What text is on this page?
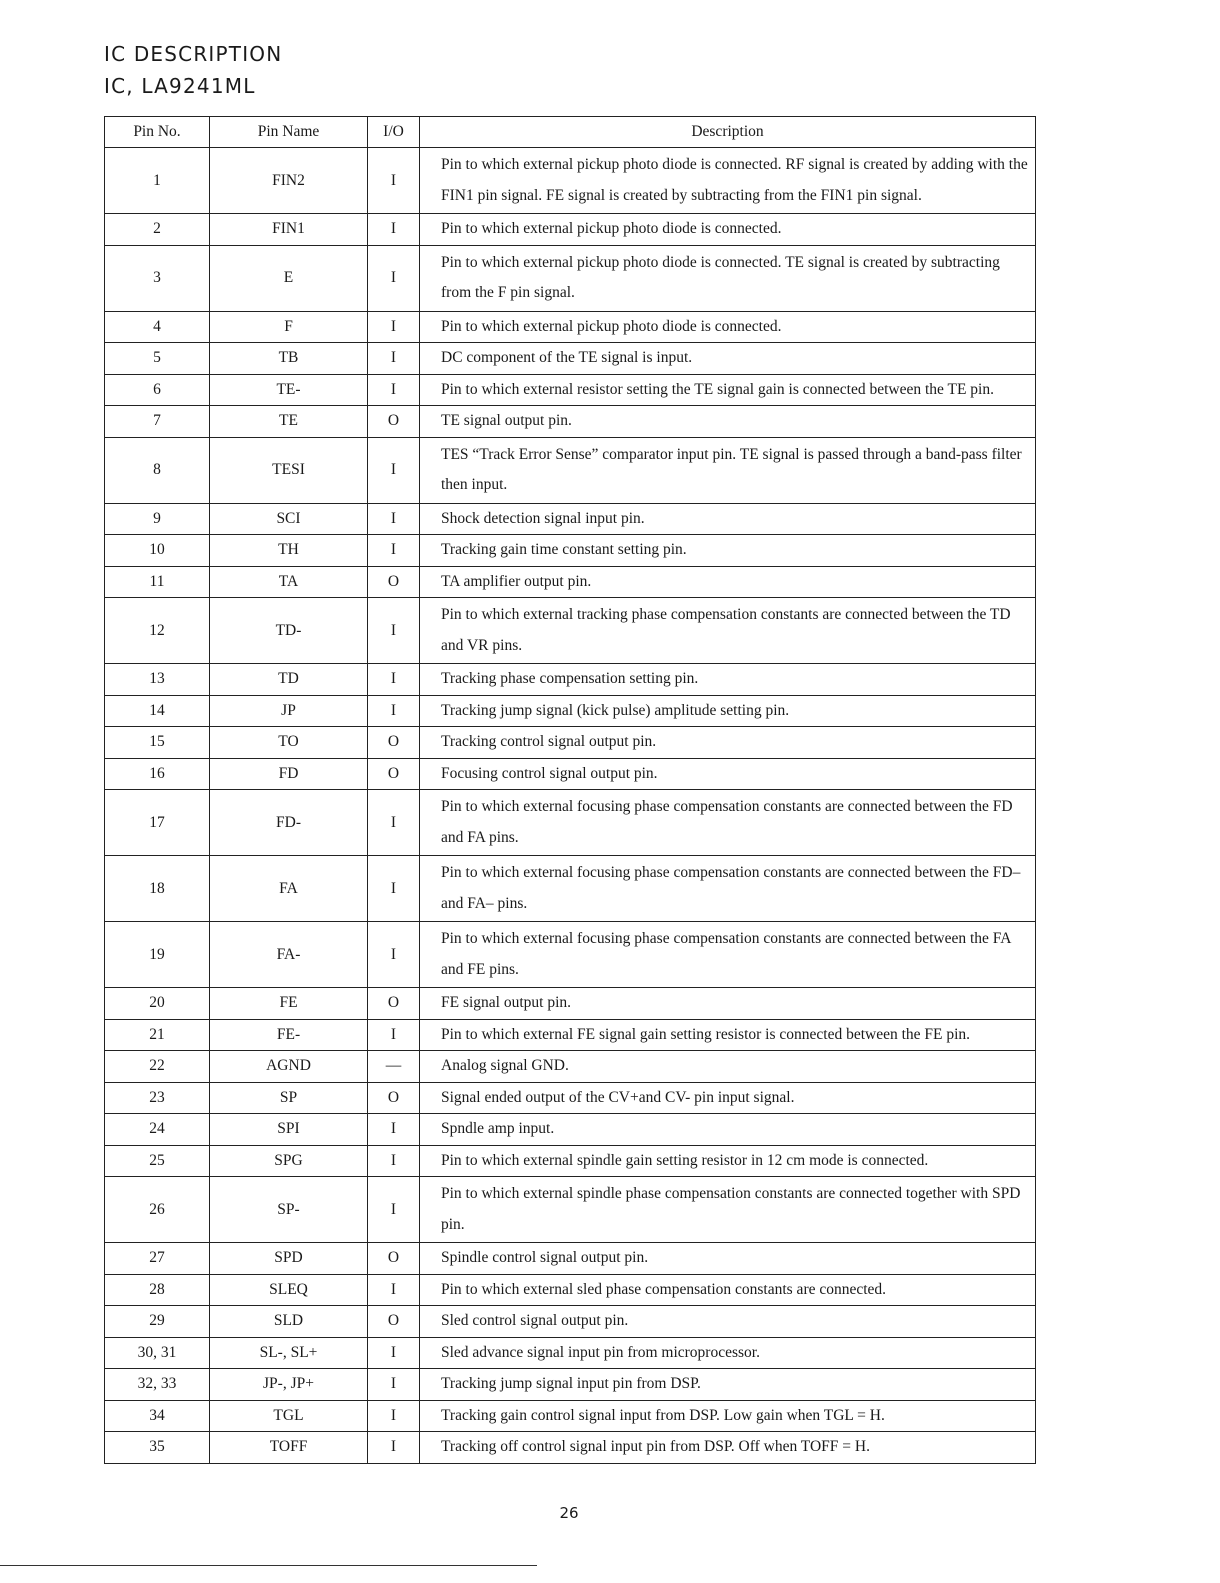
IC DESCRIPTION
IC, LA9241ML
Pin No.	Pin Name	I/O	Description
1	FIN2	I	Pin to which external pickup photo diode is connected. RF signal is created by adding with the FIN1 pin signal. FE signal is created by subtracting from the FIN1 pin signal.
2	FIN1	I	Pin to which external pickup photo diode is connected.
3	E	I	Pin to which external pickup photo diode is connected. TE signal is created by subtracting from the F pin signal.
4	F	I	Pin to which external pickup photo diode is connected.
5	TB	I	DC component of the TE signal is input.
6	TE-	I	Pin to which external resistor setting the TE signal gain is connected between the TE pin.
7	TE	O	TE signal output pin.
8	TESI	I	TES “Track Error Sense” comparator input pin. TE signal is passed through a band-pass filter then input.
9	SCI	I	Shock detection signal input pin.
10	TH	I	Tracking gain time constant setting pin.
11	TA	O	TA amplifier output pin.
12	TD-	I	Pin to which external tracking phase compensation constants are connected between the TD and VR pins.
13	TD	I	Tracking phase compensation setting pin.
14	JP	I	Tracking jump signal (kick pulse) amplitude setting pin.
15	TO	O	Tracking control signal output pin.
16	FD	O	Focusing control signal output pin.
17	FD-	I	Pin to which external focusing phase compensation constants are connected between the FD and FA pins.
18	FA	I	Pin to which external focusing phase compensation constants are connected between the FD– and FA– pins.
19	FA-	I	Pin to which external focusing phase compensation constants are connected between the FA and FE pins.
20	FE	O	FE signal output pin.
21	FE-	I	Pin to which external FE signal gain setting resistor is connected between the FE pin.
22	AGND	—	Analog signal GND.
23	SP	O	Signal ended output of the CV+and CV- pin input signal.
24	SPI	I	Spndle amp input.
25	SPG	I	Pin to which external spindle gain setting resistor in 12 cm mode is connected.
26	SP-	I	Pin to which external spindle phase compensation constants are connected together with SPD pin.
27	SPD	O	Spindle control signal output pin.
28	SLEQ	I	Pin to which external sled phase compensation constants are connected.
29	SLD	O	Sled control signal output pin.
30, 31	SL-, SL+	I	Sled advance signal input pin from microprocessor.
32, 33	JP-, JP+	I	Tracking jump signal input pin from DSP.
34	TGL	I	Tracking gain control signal input from DSP. Low gain when TGL = H.
35	TOFF	I	Tracking off control signal input pin from DSP. Off when TOFF = H.
26
